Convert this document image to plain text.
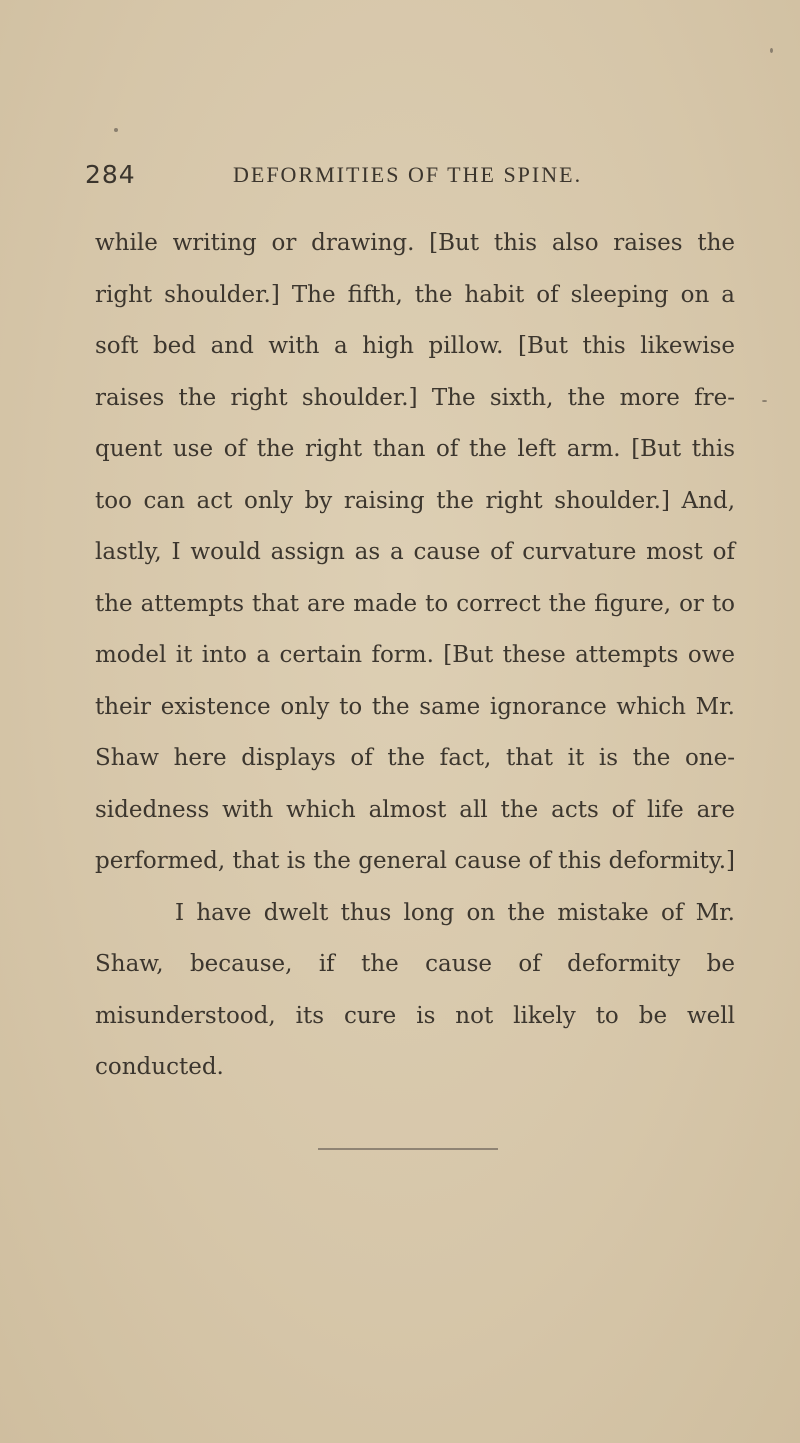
284	DEFORMITIES OF THE SPINE.

while writing or drawing. [But this also raises the right shoulder.] The fifth, the habit of sleeping on a soft bed and with a high pillow. [But this likewise raises the right shoulder.] The sixth, the more fre-quent use of the right than of the left arm. [But this too can act only by raising the right shoulder.] And, lastly, I would assign as a cause of curvature most of the attempts that are made to correct the figure, or to model it into a certain form. [But these attempts owe their existence only to the same ignorance which Mr. Shaw here displays of the fact, that it is the one-sidedness with which almost all the acts of life are performed, that is the general cause of this deformity.]

I have dwelt thus long on the mistake of Mr. Shaw, because, if the cause of deformity be misunderstood, its cure is not likely to be well conducted.
